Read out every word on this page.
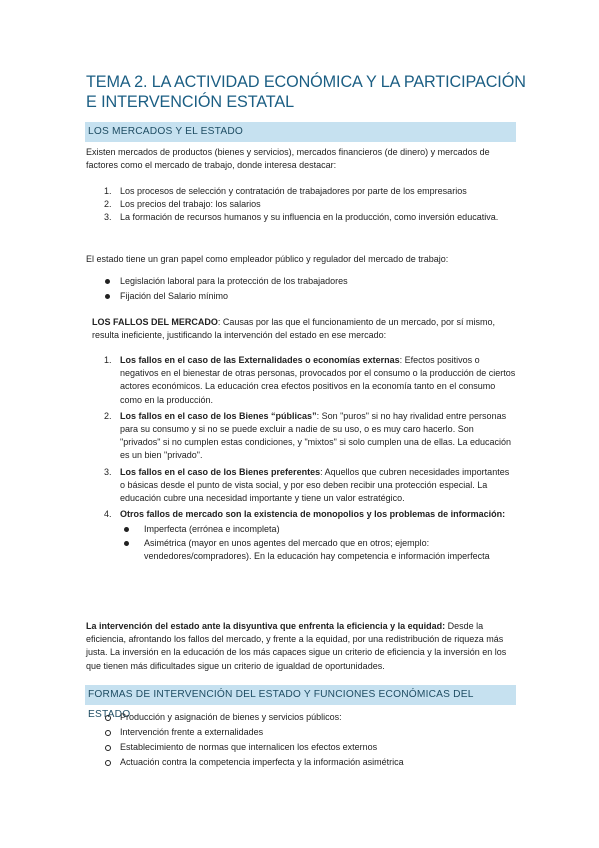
TEMA 2. LA ACTIVIDAD ECONÓMICA Y LA PARTICIPACIÓN E INTERVENCIÓN ESTATAL
LOS MERCADOS Y EL ESTADO
Existen mercados de productos (bienes y servicios), mercados financieros (de dinero) y mercados de factores como el mercado de trabajo, donde interesa destacar:
1. Los procesos de selección y contratación de trabajadores por parte de los empresarios
2. Los precios del trabajo: los salarios
3. La formación de recursos humanos y su influencia en la producción, como inversión educativa.
El estado tiene un gran papel como empleador público y regulador del mercado de trabajo:
Legislación laboral para la protección de los trabajadores
Fijación del Salario mínimo
LOS FALLOS DEL MERCADO: Causas por las que el funcionamiento de un mercado, por sí mismo, resulta ineficiente, justificando la intervención del estado en ese mercado:
1. Los fallos en el caso de las Externalidades o economías externas: Efectos positivos o negativos en el bienestar de otras personas, provocados por el consumo o la producción de ciertos actores económicos. La educación crea efectos positivos en la economía tanto en el consumo como en la producción.
2. Los fallos en el caso de los Bienes “públicas”: Son "puros" si no hay rivalidad entre personas para su consumo y si no se puede excluir a nadie de su uso, o es muy caro hacerlo. Son "privados" si no cumplen estas condiciones, y "mixtos" si solo cumplen una de ellas. La educación es un bien "privado".
3. Los fallos en el caso de los Bienes preferentes: Aquellos que cubren necesidades importantes o básicas desde el punto de vista social, y por eso deben recibir una protección especial. La educación cubre una necesidad importante y tiene un valor estratégico.
4. Otros fallos de mercado son la existencia de monopolios y los problemas de información:
Imperfecta (errónea e incompleta)
Asimétrica (mayor en unos agentes del mercado que en otros; ejemplo: vendedores/compradores). En la educación hay competencia e información imperfecta
La intervención del estado ante la disyuntiva que enfrenta la eficiencia y la equidad: Desde la eficiencia, afrontando los fallos del mercado, y frente a la equidad, por una redistribución de riqueza más justa. La inversión en la educación de los más capaces sigue un criterio de eficiencia y la inversión en los que tienen más dificultades sigue un criterio de igualdad de oportunidades.
FORMAS DE INTERVENCIÓN DEL ESTADO Y FUNCIONES ECONÓMICAS DEL ESTADO
Producción y asignación de bienes y servicios públicos:
Intervención frente a externalidades
Establecimiento de normas que internalicen los efectos externos
Actuación contra la competencia imperfecta y la información asimétrica
